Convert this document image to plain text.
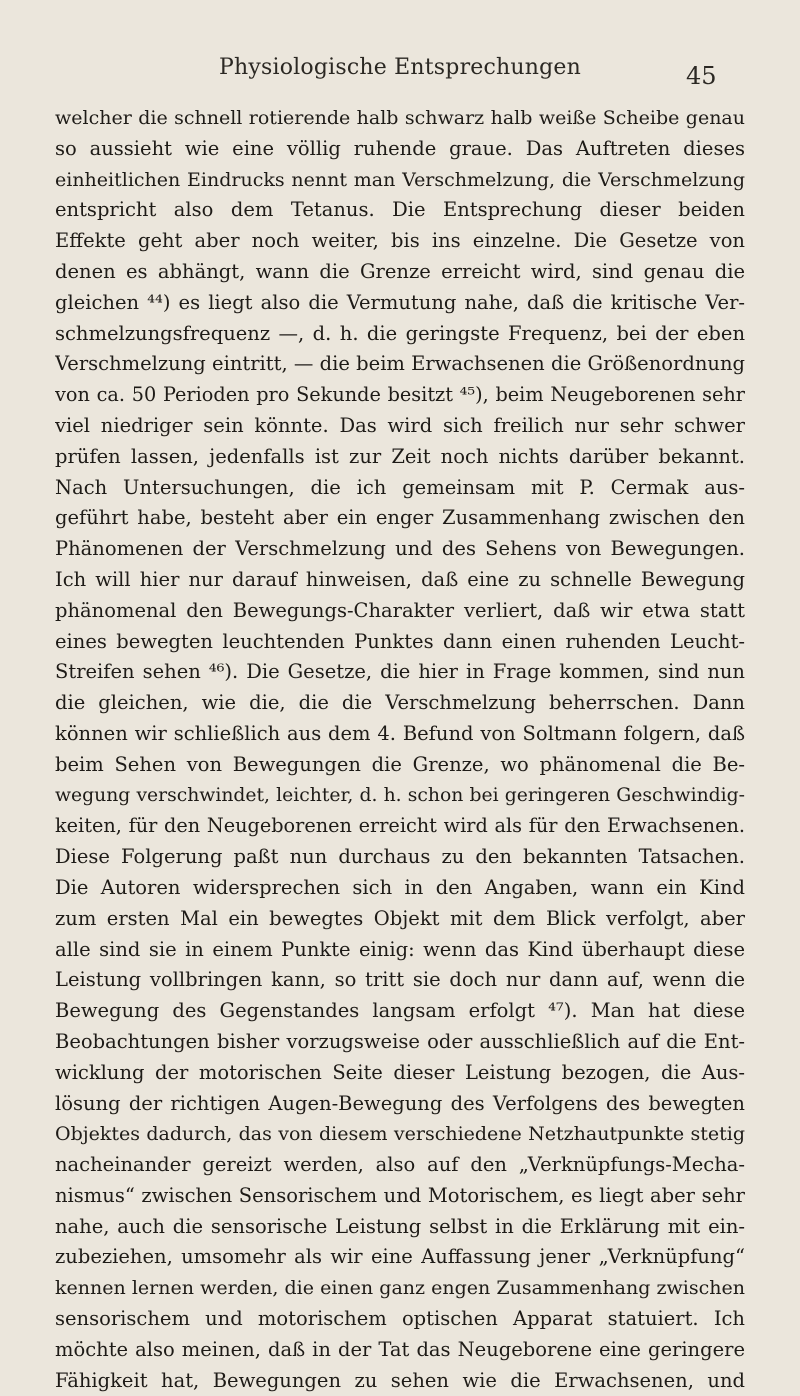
Physiologische Entsprechungen	45
welcher die schnell rotierende halb schwarz halb weiße Scheibe genau
so aussieht wie eine völlig ruhende graue. Das Auftreten dieses
einheitlichen Eindrucks nennt man Verschmelzung, die Verschmelzung
entspricht also dem Tetanus. Die Entsprechung dieser beiden
Effekte geht aber noch weiter, bis ins einzelne. Die Gesetze von
denen es abhängt, wann die Grenze erreicht wird, sind genau die
gleichen ⁴⁴) es liegt also die Vermutung nahe, daß die kritische Ver-
schmelzungsfrequenz —, d. h. die geringste Frequenz, bei der eben
Verschmelzung eintritt, — die beim Erwachsenen die Größenordnung
von ca. 50 Perioden pro Sekunde besitzt ⁴⁵), beim Neugeborenen sehr
viel niedriger sein könnte. Das wird sich freilich nur sehr schwer
prüfen lassen, jedenfalls ist zur Zeit noch nichts darüber bekannt.
Nach Untersuchungen, die ich gemeinsam mit P. Cermak aus-
geführt habe, besteht aber ein enger Zusammenhang zwischen den
Phänomenen der Verschmelzung und des Sehens von Bewegungen.
Ich will hier nur darauf hinweisen, daß eine zu schnelle Bewegung
phänomenal den Bewegungs-Charakter verliert, daß wir etwa statt
eines bewegten leuchtenden Punktes dann einen ruhenden Leucht-
Streifen sehen ⁴⁶). Die Gesetze, die hier in Frage kommen, sind nun
die gleichen, wie die, die die Verschmelzung beherrschen. Dann
können wir schließlich aus dem 4. Befund von Soltmann folgern, daß
beim Sehen von Bewegungen die Grenze, wo phänomenal die Be-
wegung verschwindet, leichter, d. h. schon bei geringeren Geschwindig-
keiten, für den Neugeborenen erreicht wird als für den Erwachsenen.
Diese Folgerung paßt nun durchaus zu den bekannten Tatsachen.
Die Autoren widersprechen sich in den Angaben, wann ein Kind
zum ersten Mal ein bewegtes Objekt mit dem Blick verfolgt, aber
alle sind sie in einem Punkte einig: wenn das Kind überhaupt diese
Leistung vollbringen kann, so tritt sie doch nur dann auf, wenn die
Bewegung des Gegenstandes langsam erfolgt ⁴⁷). Man hat diese
Beobachtungen bisher vorzugsweise oder ausschließlich auf die Ent-
wicklung der motorischen Seite dieser Leistung bezogen, die Aus-
lösung der richtigen Augen-Bewegung des Verfolgens des bewegten
Objektes dadurch, das von diesem verschiedene Netzhautpunkte stetig
nacheinander gereizt werden, also auf den „Verknüpfungs-Mecha-
nismus“ zwischen Sensorischem und Motorischem, es liegt aber sehr
nahe, auch die sensorische Leistung selbst in die Erklärung mit ein-
zubeziehen, umsomehr als wir eine Auffassung jener „Verknüpfung“
kennen lernen werden, die einen ganz engen Zusammenhang zwischen
sensorischem und motorischem optischen Apparat statuiert. Ich
möchte also meinen, daß in der Tat das Neugeborene eine geringere
Fähigkeit hat, Bewegungen zu sehen wie die Erwachsenen, und
